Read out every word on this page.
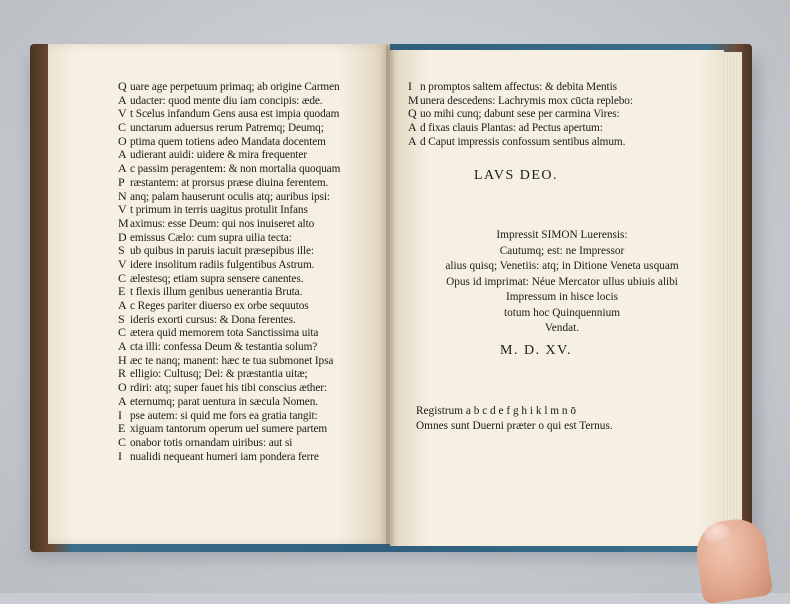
Q uare age perpetuum primaq; ab origine Carmen
A udacter: quod mente diu iam concipis: æde.
V t Scelus infandum Gens ausa est impia quodam
C unctarum aduersus rerum Patremq; Deumq;
O ptima quem totiens adeo Mandata docentem
A udierant auidi: uidere & mira frequenter
A c passim peragentem: & non mortalia quoquam
P ræstantem: at prorsus præse diuina ferentem.
N anq; palam hauserunt oculis atq; auribus ipsi:
V t primum in terris uagitus protulit Infans
Maximus: esse Deum: qui nos inuiseret alto
D emissus Cælo: cum supra uilia tecta:
S ub quibus in paruis iacuit præsepibus ille:
V idere insolitum radiis fulgentibus Astrum.
C ælestesq; etiam supra sensere canentes.
E t flexis illum genibus uenerantia Bruta.
A c Reges pariter diuerso ex orbe sequutos
S ideris exorti cursus: & Dona ferentes.
C ætera quid memorem tota Sanctissima uita
A cta illi: confessa Deum & testantia solum?
H æc te nanq; manent: hæc te tua submonet Ipsa
R elligio: Cultusq; Dei: & præstantia uitæ;
O rdiri: atq; super fauet his tibi conscius æther:
A eternumq; parat uentura in sæcula Nomen.
I pse autem: si quid me fors ea gratia tangit:
E xiguam tantorum operum uel sumere partem
C onabor totis ornandam uiribus: aut si
I nualidi nequeant humeri iam pondera ferre
I n promptos saltem affectus: & debita Mentis
Munera descedens: Lachrymis mox cūcta replebo:
Q uo mihi cunq; dabunt sese per carmina Vires:
A d fixas clauis Plantas: ad Pectus apertum:
A d Caput impressis confossum sentibus almum.
LAVS DEO.
Impressit SIMON Luerensis:
Cautumq; est: ne Impressor
alius quisq; Venetiis: atq; in Ditione Veneta usquam
Opus id imprimat: Néue Mercator ullus ubiuis alibi
Impressum in hisce locis
totum hoc Quinquennium
Vendat.
M. D. XV.
Registrum a b c d e f g h i k l m n ō
Omnes sunt Duerni præter o qui est Ternus.
